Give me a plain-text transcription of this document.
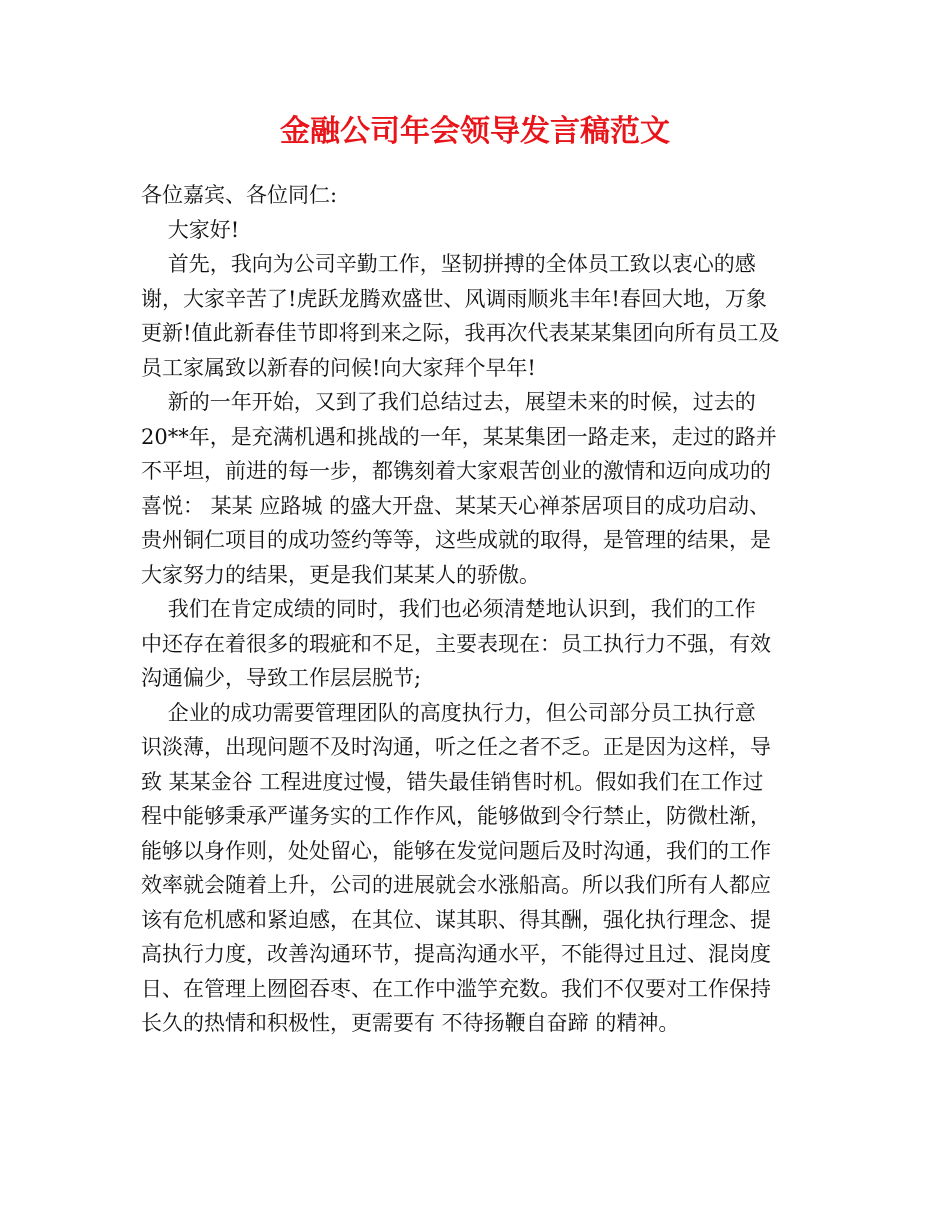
金融公司年会领导发言稿范文
各位嘉宾、各位同仁:
大家好!
首先，我向为公司辛勤工作，坚韧拼搏的全体员工致以衷心的感
谢，大家辛苦了!虎跃龙腾欢盛世、风调雨顺兆丰年!春回大地，万象
更新!值此新春佳节即将到来之际，我再次代表某某集团向所有员工及
员工家属致以新春的问候!向大家拜个早年!
新的一年开始，又到了我们总结过去，展望未来的时候，过去的
20**年，是充满机遇和挑战的一年，某某集团一路走来，走过的路并
不平坦，前进的每一步，都镌刻着大家艰苦创业的激情和迈向成功的
喜悦： 某某 应路城 的盛大开盘、某某天心禅茶居项目的成功启动、
贵州铜仁项目的成功签约等等，这些成就的取得，是管理的结果，是
大家努力的结果，更是我们某某人的骄傲。
我们在肯定成绩的同时，我们也必须清楚地认识到，我们的工作
中还存在着很多的瑕疵和不足，主要表现在：员工执行力不强，有效
沟通偏少，导致工作层层脱节;
企业的成功需要管理团队的高度执行力，但公司部分员工执行意
识淡薄，出现问题不及时沟通，听之任之者不乏。正是因为这样，导
致 某某金谷 工程进度过慢，错失最佳销售时机。假如我们在工作过
程中能够秉承严谨务实的工作作风，能够做到令行禁止，防微杜渐，
能够以身作则，处处留心，能够在发觉问题后及时沟通，我们的工作
效率就会随着上升，公司的进展就会水涨船高。所以我们所有人都应
该有危机感和紧迫感，在其位、谋其职、得其酬，强化执行理念、提
高执行力度，改善沟通环节，提高沟通水平，不能得过且过、混岗度
日、在管理上囫囵吞枣、在工作中滥竽充数。我们不仅要对工作保持
长久的热情和积极性，更需要有 不待扬鞭自奋蹄 的精神。
